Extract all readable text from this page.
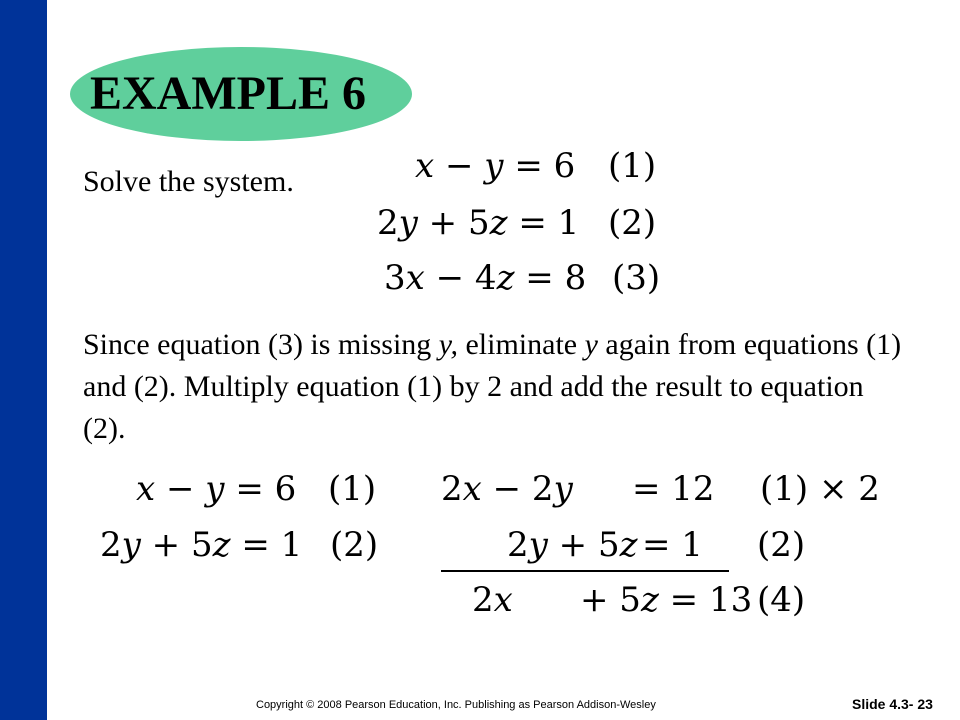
EXAMPLE 6
Solve the system.	x − y = 6 (1)
2y + 5z = 1 (2)
3x − 4z = 8 (3)
Since equation (3) is missing y, eliminate y again from equations (1) and (2). Multiply equation (1) by 2 and add the result to equation (2).
x − y = 6 (1)
2y + 5z = 1 (2)
2x − 2y = 12 (1) × 2
2y + 5z = 1 (2)
2x + 5z = 13 (4)
Copyright © 2008 Pearson Education, Inc. Publishing as Pearson Addison-Wesley	Slide 4.3- 23
